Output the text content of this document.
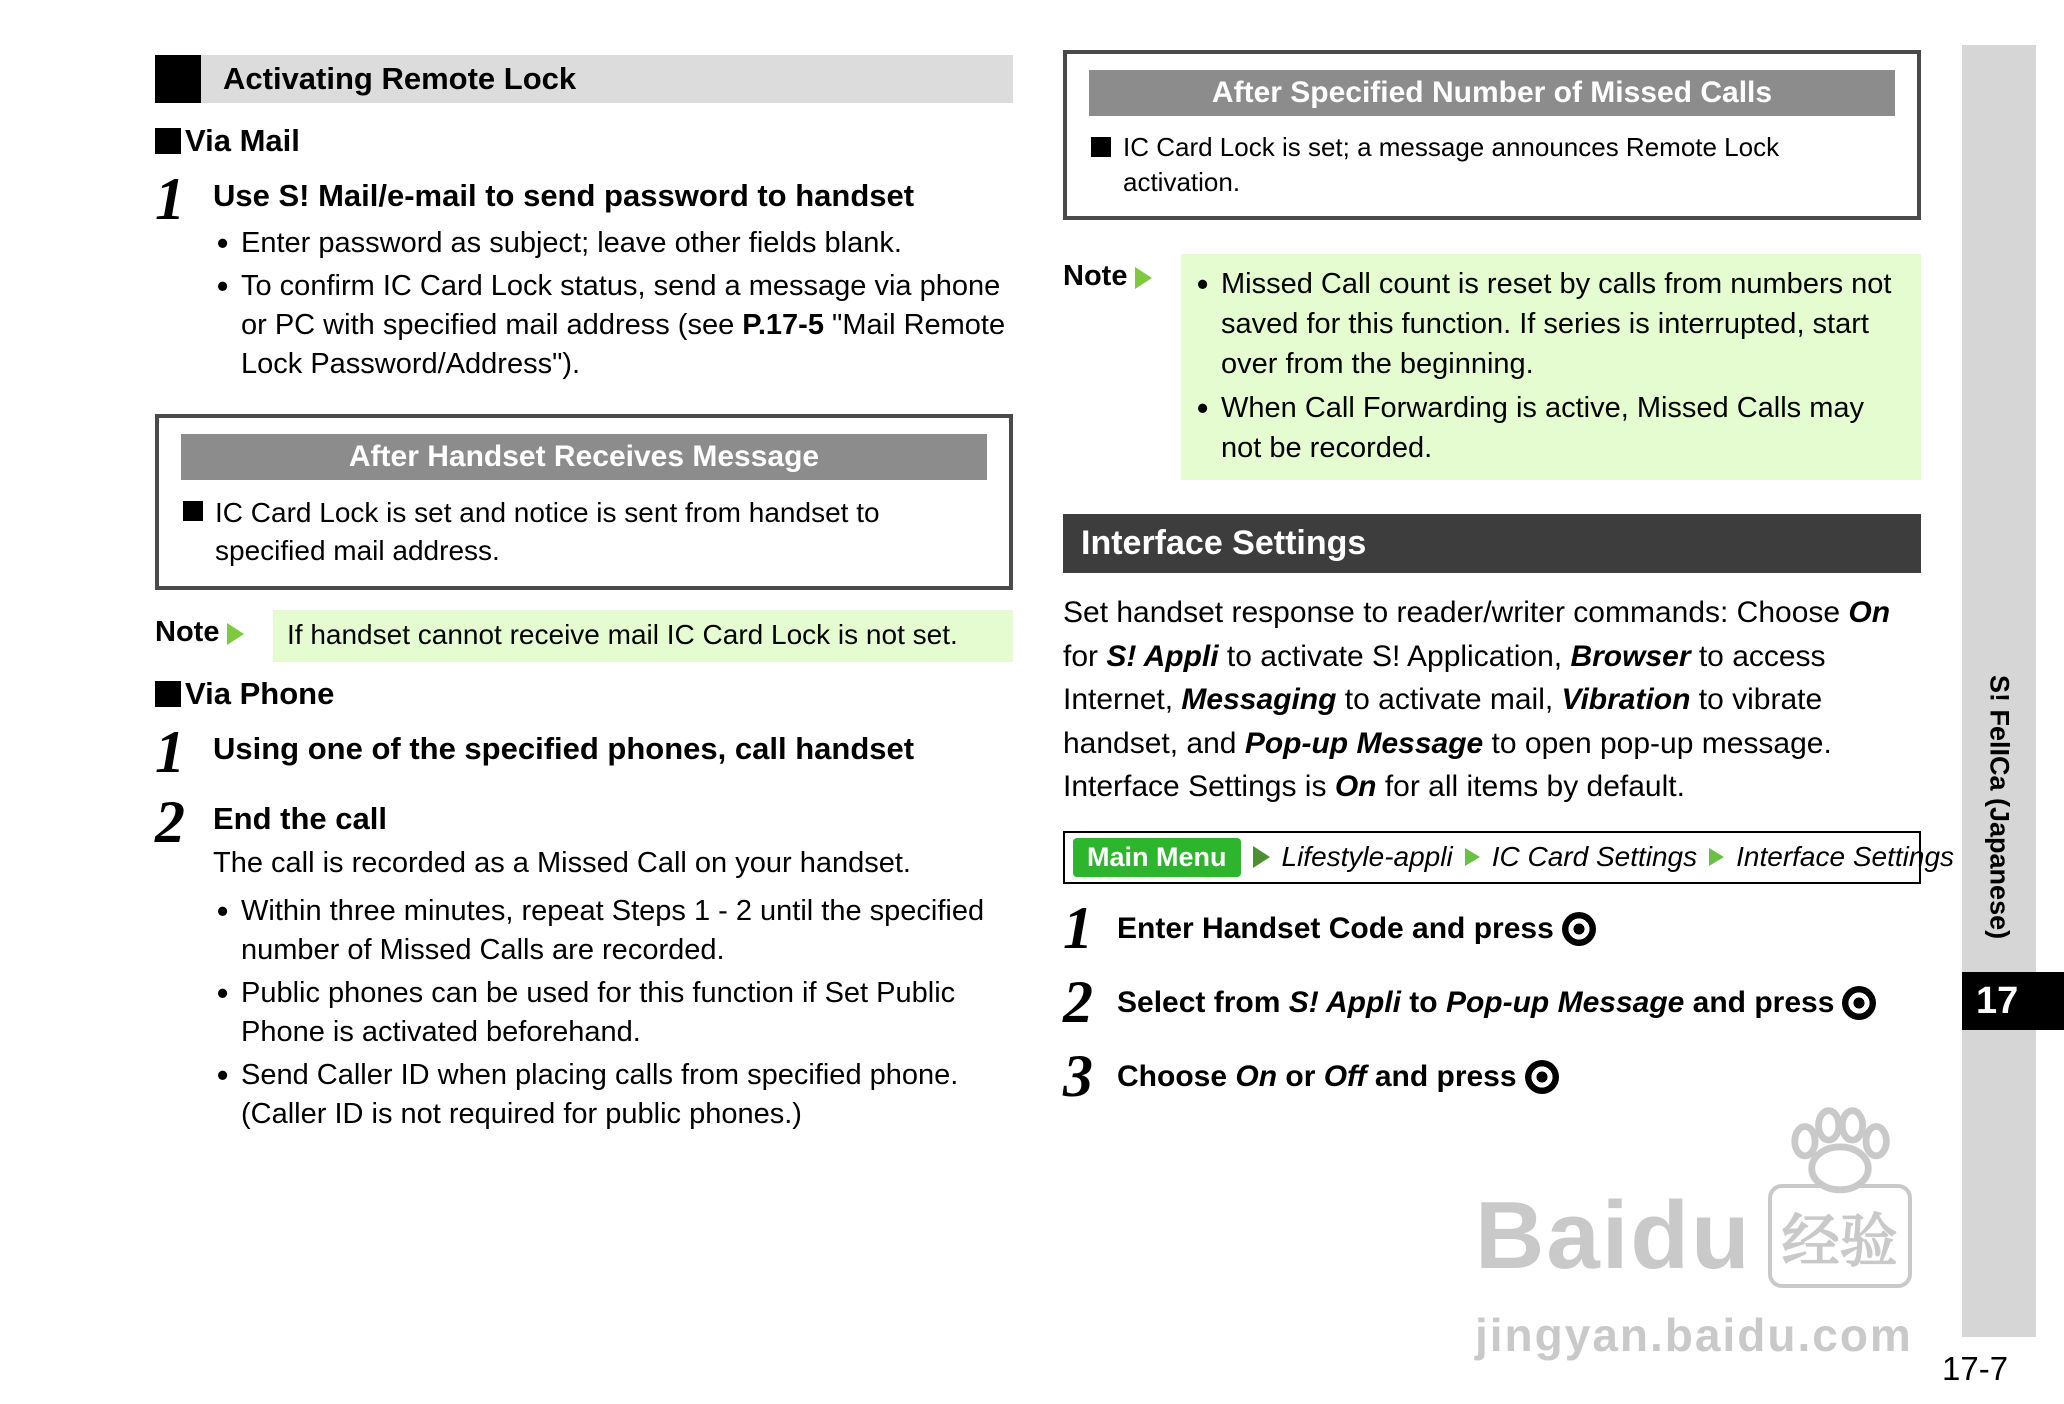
Activating Remote Lock
Via Mail
1 Use S! Mail/e-mail to send password to handset
• Enter password as subject; leave other fields blank.
• To confirm IC Card Lock status, send a message via phone or PC with specified mail address (see P.17-5 "Mail Remote Lock Password/Address").
After Handset Receives Message
IC Card Lock is set and notice is sent from handset to specified mail address.
Note	If handset cannot receive mail IC Card Lock is not set.
Via Phone
1 Using one of the specified phones, call handset
2 End the call
The call is recorded as a Missed Call on your handset.
• Within three minutes, repeat Steps 1 - 2 until the specified number of Missed Calls are recorded.
• Public phones can be used for this function if Set Public Phone is activated beforehand.
• Send Caller ID when placing calls from specified phone. (Caller ID is not required for public phones.)
After Specified Number of Missed Calls
IC Card Lock is set; a message announces Remote Lock activation.
Note	• Missed Call count is reset by calls from numbers not saved for this function. If series is interrupted, start over from the beginning.
• When Call Forwarding is active, Missed Calls may not be recorded.
Interface Settings
Set handset response to reader/writer commands: Choose On for S! Appli to activate S! Application, Browser to access Internet, Messaging to activate mail, Vibration to vibrate handset, and Pop-up Message to open pop-up message. Interface Settings is On for all items by default.
Main Menu	Lifestyle-appli IC Card Settings Interface Settings
1 Enter Handset Code and press
2 Select from S! Appli to Pop-up Message and press
3 Choose On or Off and press
S! FelICa (Japanese)
17
17-7
Baidu 经验
jingyan.baidu.com
